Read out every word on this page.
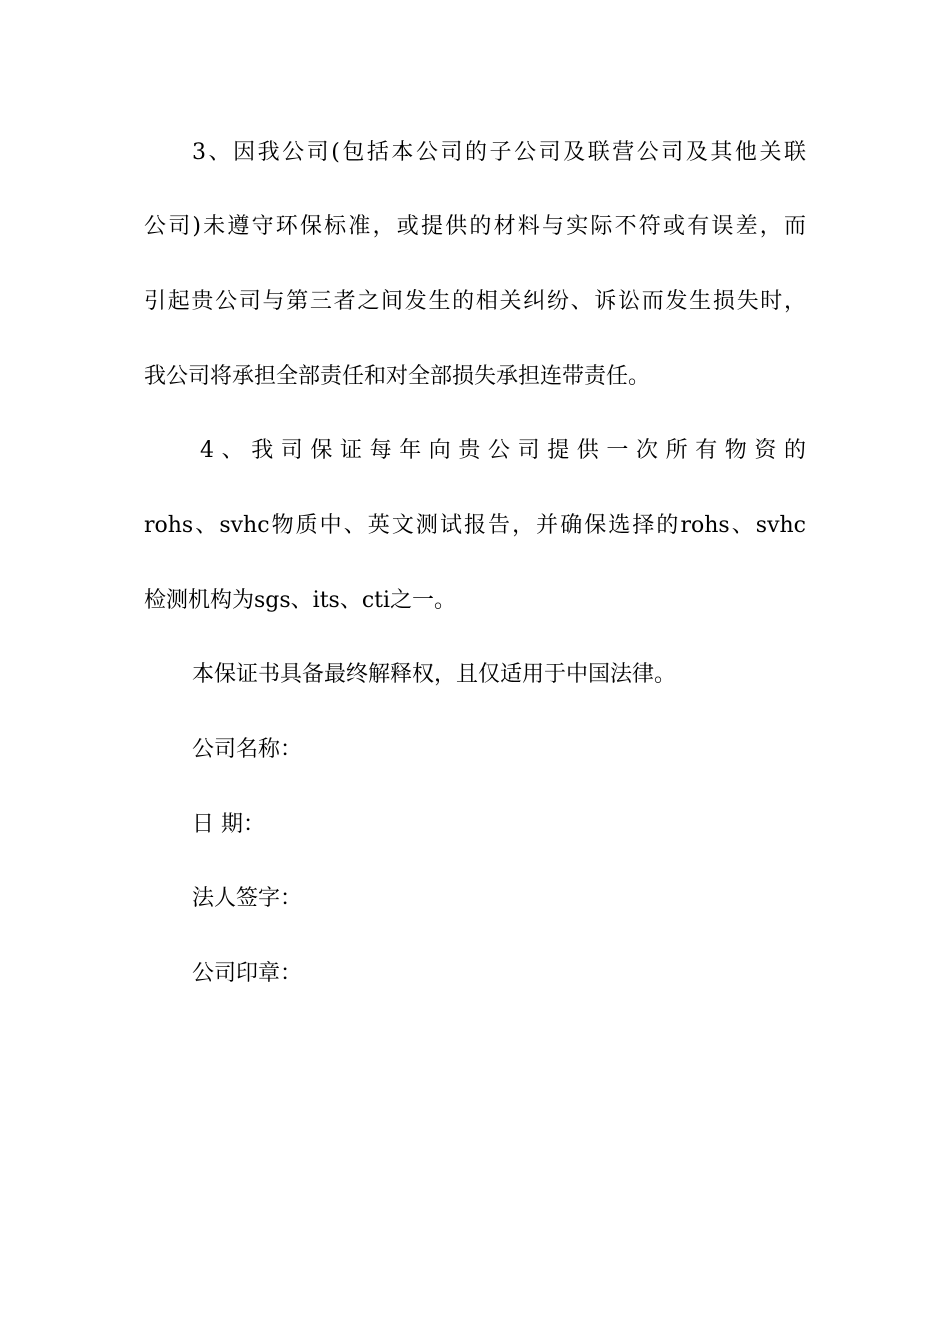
3、因我公司(包括本公司的子公司及联营公司及其他关联
公司)未遵守环保标准，或提供的材料与实际不符或有误差，而
引起贵公司与第三者之间发生的相关纠纷、诉讼而发生损失时，
我公司将承担全部责任和对全部损失承担连带责任。
4、我司保证每年向贵公司提供一次所有物资的
rohs、svhc物质中、英文测试报告，并确保选择的rohs、svhc
检测机构为sgs、its、cti之一。
本保证书具备最终解释权，且仅适用于中国法律。
公司名称：
日 期：
法人签字：
公司印章：
